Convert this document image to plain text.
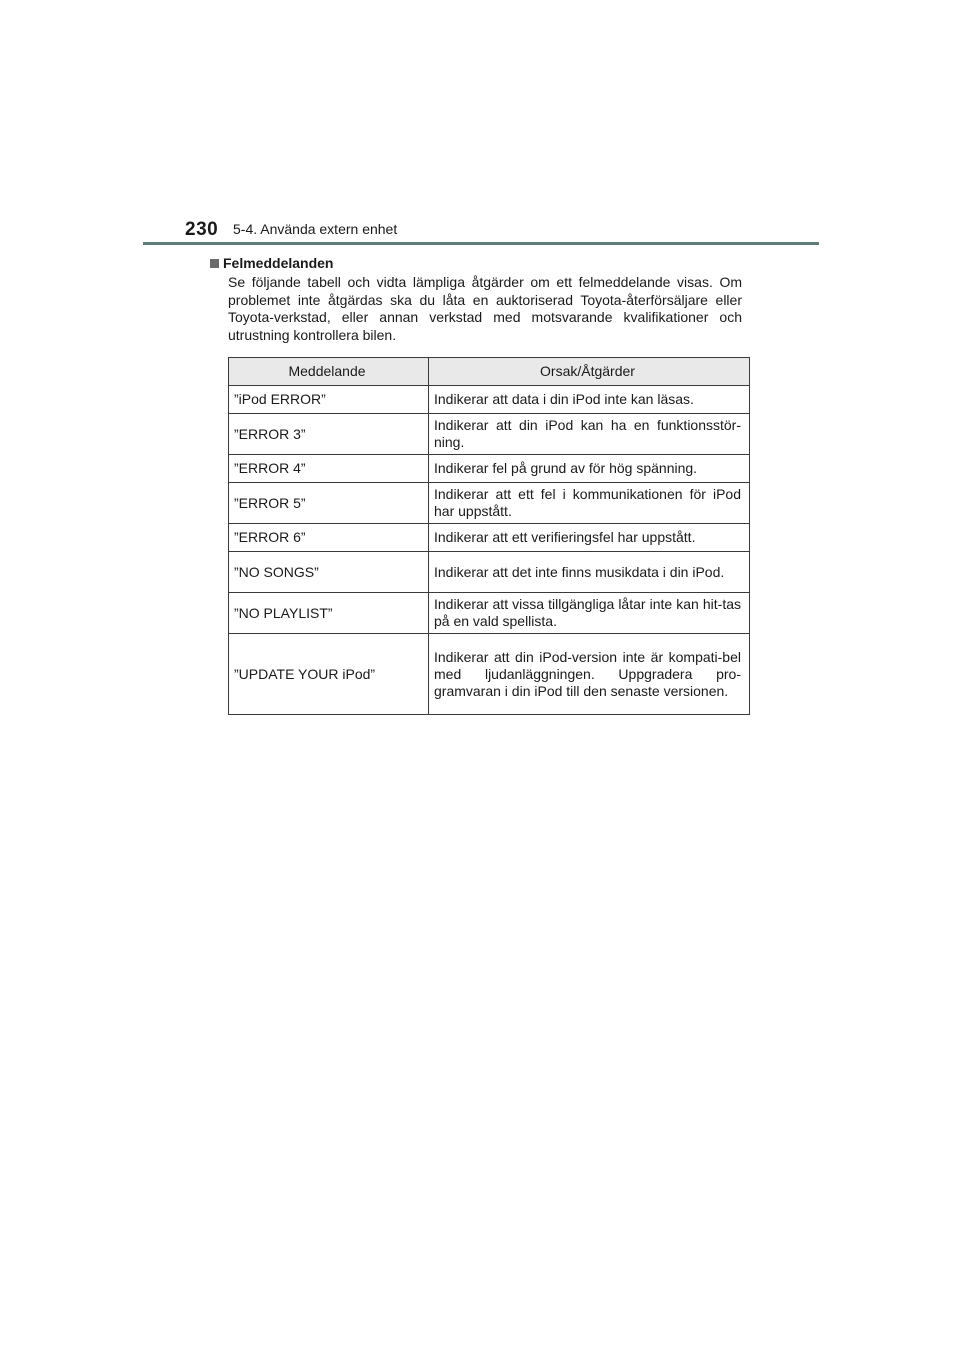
230 5-4. Använda extern enhet
Felmeddelanden

Se följande tabell och vidta lämpliga åtgärder om ett felmeddelande visas. Om problemet inte åtgärdas ska du låta en auktoriserad Toyota-återförsäljare eller Toyota-verkstad, eller annan verkstad med motsvarande kvalifikationer och utrustning kontrollera bilen.

Meddelande	Orsak/Åtgärder
”iPod ERROR”	Indikerar att data i din iPod inte kan läsas.
”ERROR 3”	Indikerar att din iPod kan ha en funktionsstör-ning.
”ERROR 4”	Indikerar fel på grund av för hög spänning.
”ERROR 5”	Indikerar att ett fel i kommunikationen för iPod har uppstått.
”ERROR 6”	Indikerar att ett verifieringsfel har uppstått.
”NO SONGS”	Indikerar att det inte finns musikdata i din iPod.
”NO PLAYLIST”	Indikerar att vissa tillgängliga låtar inte kan hit-tas på en vald spellista.
”UPDATE YOUR iPod”	Indikerar att din iPod-version inte är kompati-bel med ljudanläggningen. Uppgradera pro-gramvaran i din iPod till den senaste versionen.
